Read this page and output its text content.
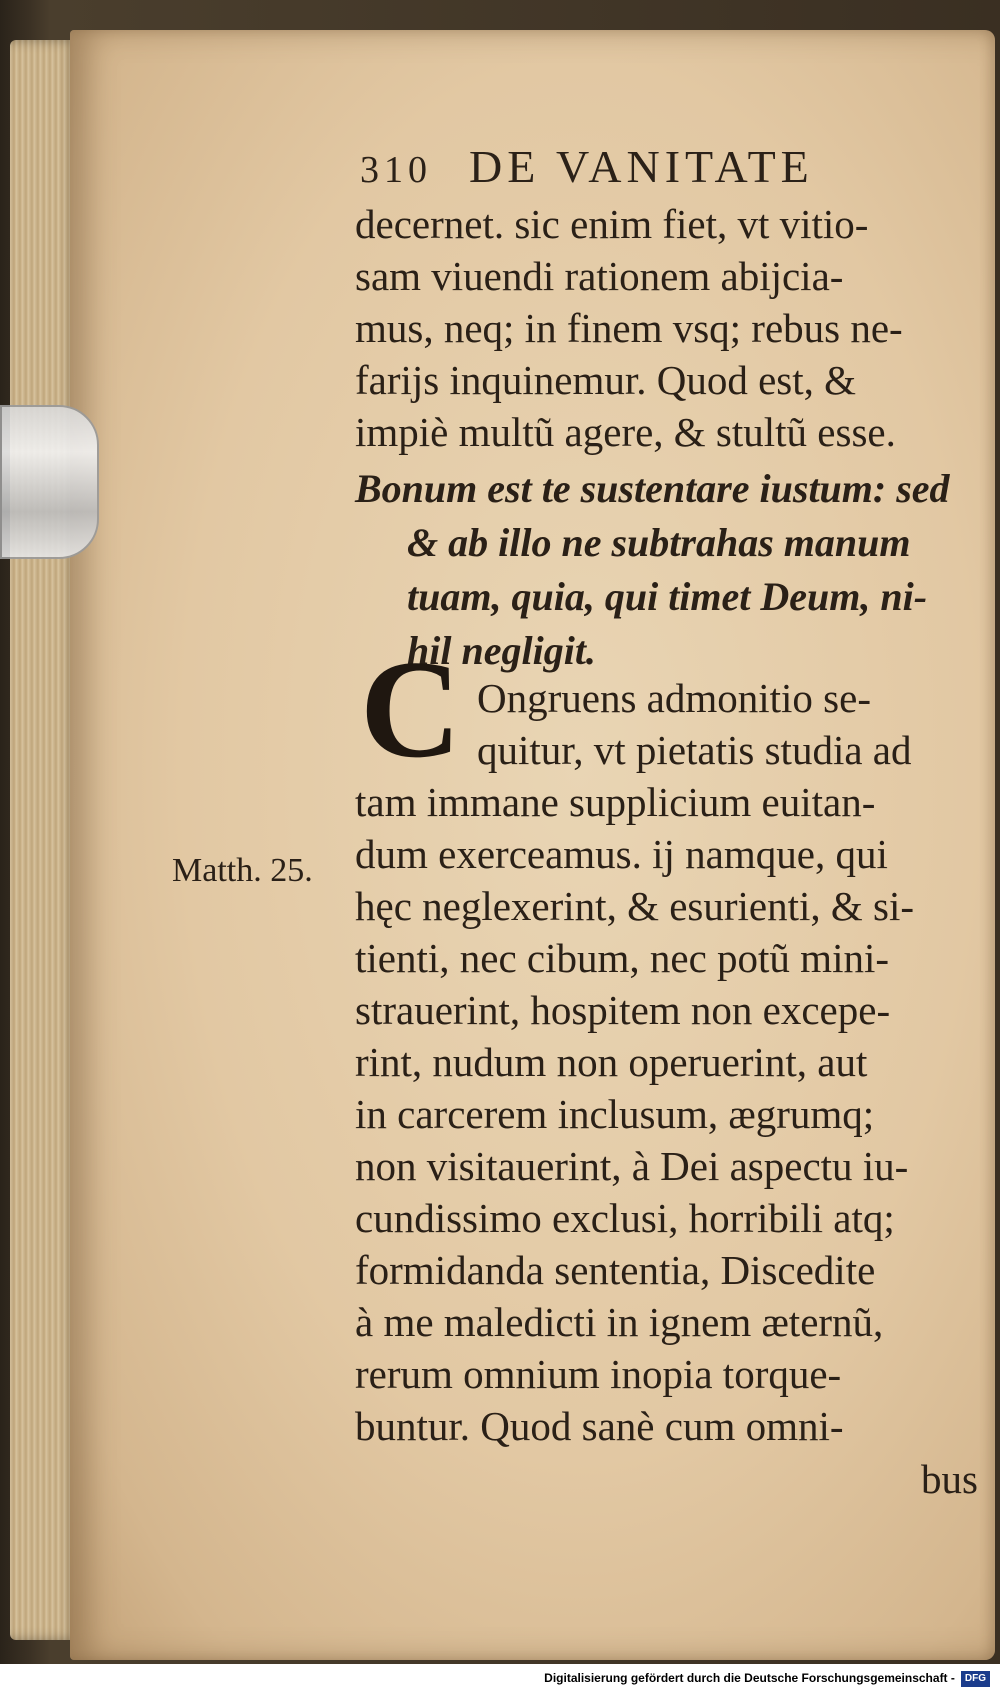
310 DE VANITATE
decernet. sic enim fiet, vt vitio-
sam viuendi rationem abijcia-
mus, neq; in finem vsq; rebus ne-
farijs inquinemur. Quod est, &
impiè multũ agere, & stultũ esse.
Bonum est te sustentare iustum: sed
& ab illo ne subtrahas manum
tuam, quia, qui timet Deum, ni-
hil negligit.
C Ongruens admonitio se-
quitur, vt pietatis studia ad
tam immane supplicium euitan-
dum exerceamus. ij namque, qui
hęc neglexerint, & esurienti, & si-
tienti, nec cibum, nec potũ mini-
strauerint, hospitem non excepe-
rint, nudum non operuerint, aut
in carcerem inclusum, ægrumq;
non visitauerint, à Dei aspectu iu-
cundissimo exclusi, horribili atq;
formidanda sententia, Discedite
à me maledicti in ignem æternũ,
rerum omnium inopia torque-
buntur. Quod sanè cum omni-
Matth. 25.
bus
Digitalisierung gefördert durch die Deutsche Forschungsgemeinschaft - DFG
